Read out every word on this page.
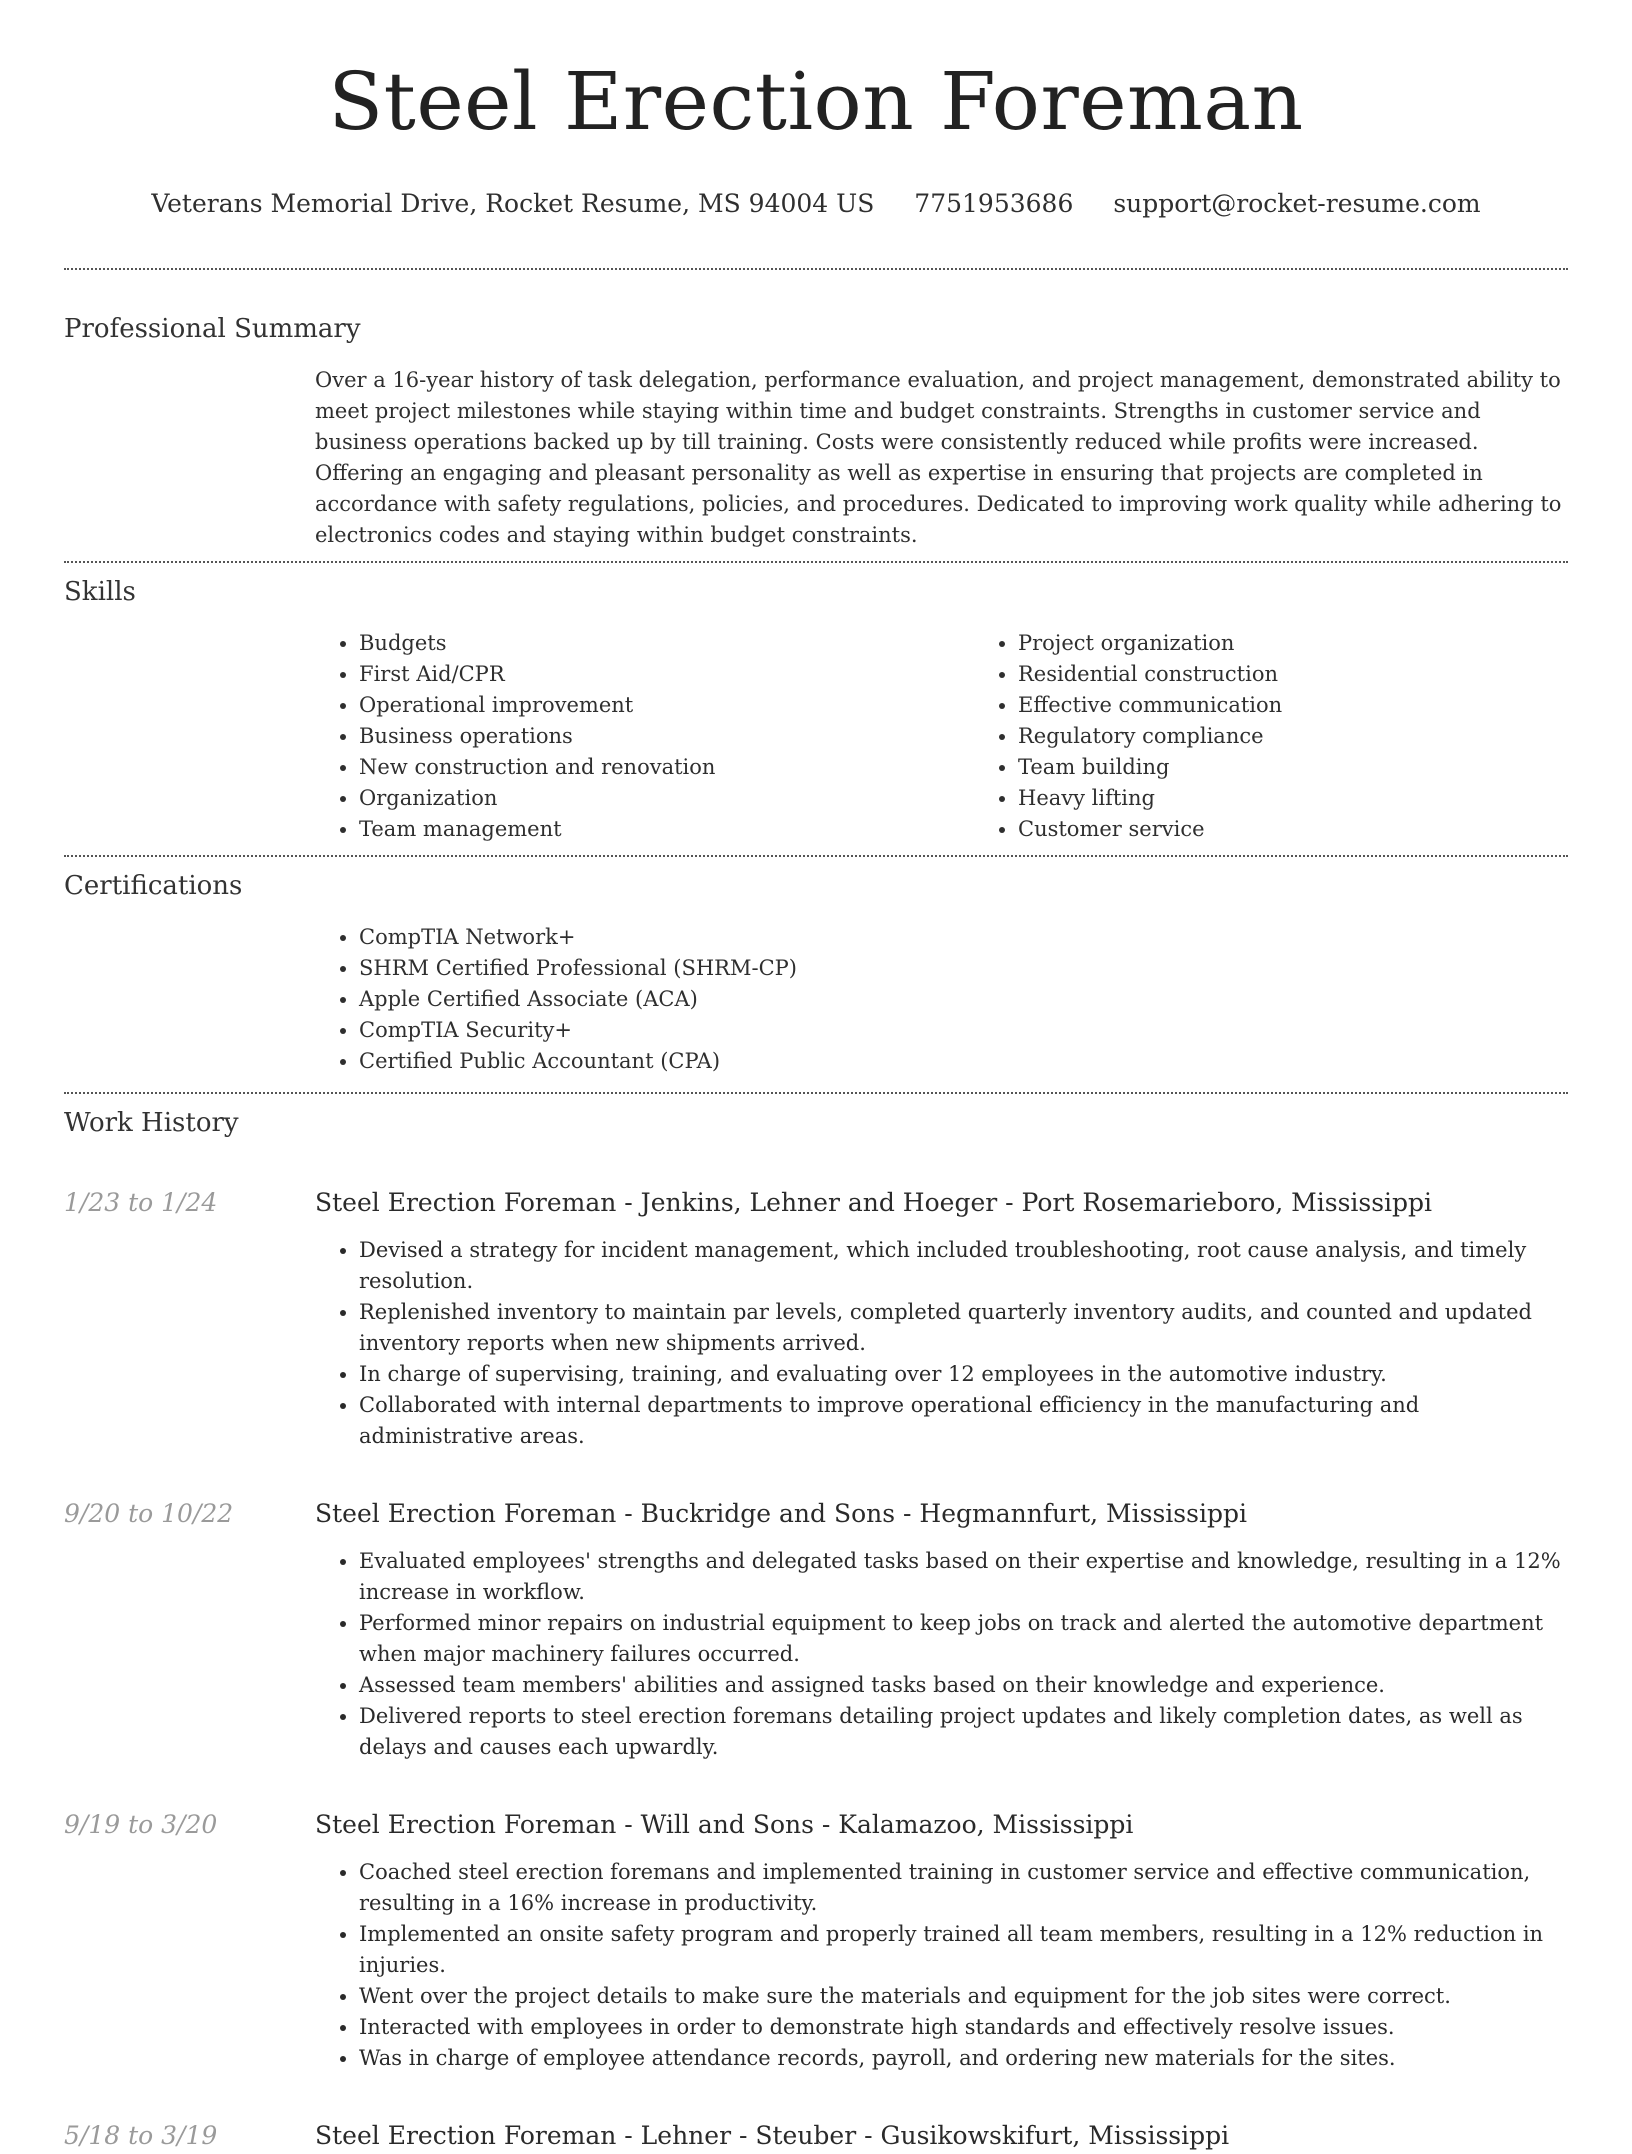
Steel Erection Foreman
Veterans Memorial Drive, Rocket Resume, MS 94004 US 7751953686 support@rocket-resume.com
Professional Summary

Over a 16-year history of task delegation, performance evaluation, and project management, demonstrated ability to meet project milestones while staying within time and budget constraints. Strengths in customer service and business operations backed up by till training. Costs were consistently reduced while profits were increased. Offering an engaging and pleasant personality as well as expertise in ensuring that projects are completed in accordance with safety regulations, policies, and procedures. Dedicated to improving work quality while adhering to electronics codes and staying within budget constraints.

Skills
• Budgets
• First Aid/CPR
• Operational improvement
• Business operations
• New construction and renovation
• Organization
• Team management
• Project organization
• Residential construction
• Effective communication
• Regulatory compliance
• Team building
• Heavy lifting
• Customer service
Certifications
• CompTIA Network+
• SHRM Certified Professional (SHRM-CP)
• Apple Certified Associate (ACA)
• CompTIA Security+
• Certified Public Accountant (CPA)
Work History
1/23 to 1/24	Steel Erection Foreman - Jenkins, Lehner and Hoeger - Port Rosemarieboro, Mississippi
• Devised a strategy for incident management, which included troubleshooting, root cause analysis, and timely resolution.
• Replenished inventory to maintain par levels, completed quarterly inventory audits, and counted and updated inventory reports when new shipments arrived.
• In charge of supervising, training, and evaluating over 12 employees in the automotive industry.
• Collaborated with internal departments to improve operational efficiency in the manufacturing and administrative areas.
9/20 to 10/22	Steel Erection Foreman - Buckridge and Sons - Hegmannfurt, Mississippi
• Evaluated employees' strengths and delegated tasks based on their expertise and knowledge, resulting in a 12% increase in workflow.
• Performed minor repairs on industrial equipment to keep jobs on track and alerted the automotive department when major machinery failures occurred.
• Assessed team members' abilities and assigned tasks based on their knowledge and experience.
• Delivered reports to steel erection foremans detailing project updates and likely completion dates, as well as delays and causes each upwardly.
9/19 to 3/20	Steel Erection Foreman - Will and Sons - Kalamazoo, Mississippi
• Coached steel erection foremans and implemented training in customer service and effective communication, resulting in a 16% increase in productivity.
• Implemented an onsite safety program and properly trained all team members, resulting in a 12% reduction in injuries.
• Went over the project details to make sure the materials and equipment for the job sites were correct.
• Interacted with employees in order to demonstrate high standards and effectively resolve issues.
• Was in charge of employee attendance records, payroll, and ordering new materials for the sites.
5/18 to 3/19	Steel Erection Foreman - Lehner - Steuber - Gusikowskifurt, Mississippi
